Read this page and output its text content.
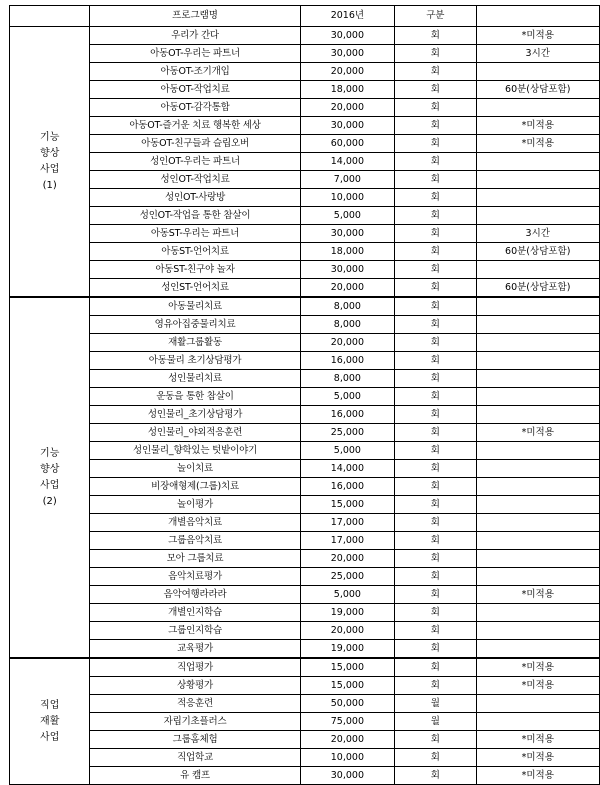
	프로그램명	2016년	구분	

기능
향상
사업
(1)	우리가 간다	30,000	회	*미적용
	아동OT-우리는 파트너	30,000	회	3시간
	아동OT-조기개입	20,000	회	
	아동OT-작업치료	18,000	회	60분(상담포함)
	아동OT-감각통합	20,000	회	
	아동OT-즐거운 치료 행복한 세상	30,000	회	*미적용
	아동OT-친구들과 슬립오버	60,000	회	*미적용
	성인OT-우리는 파트너	14,000	회	
	성인OT-작업치료	7,000	회	
	성인OT-사랑방	10,000	회	
	성인OT-작업을 통한 참살이	5,000	회	
	아동ST-우리는 파트너	30,000	회	3시간
	아동ST-언어치료	18,000	회	60분(상담포함)
	아동ST-친구야 놀자	30,000	회	
	성인ST-언어치료	20,000	회	60분(상담포함)

기능
향상
사업
(2)	아동물리치료	8,000	회	
	영유아집중물리치료	8,000	회	
	재활그룹활동	20,000	회	
	아동물리 초기상담평가	16,000	회	
	성인물리치료	8,000	회	
	운동을 통한 참살이	5,000	회	
	성인물리_초기상담평가	16,000	회	
	성인물리_야외적응훈련	25,000	회	*미적용
	성인물리_향학있는 텃밭이야기	5,000	회	
	놀이치료	14,000	회	
	비장애형제(그룹)치료	16,000	회	
	놀이평가	15,000	회	
	개별음악치료	17,000	회	
	그룹음악치료	17,000	회	
	모아 그룹치료	20,000	회	
	음악치료평가	25,000	회	
	음악여행라라라	5,000	회	*미적용
	개별인지학습	19,000	회	
	그룹인지학습	20,000	회	
	교육평가	19,000	회	

직업
재활
사업	직업평가	15,000	회	*미적용
	상황평가	15,000	회	*미적용
	적응훈련	50,000	월	
	자립기초플러스	75,000	월	
	그룹홈체험	20,000	회	*미적용
	직업학교	10,000	회	*미적용
	유 캠프	30,000	회	*미적용
